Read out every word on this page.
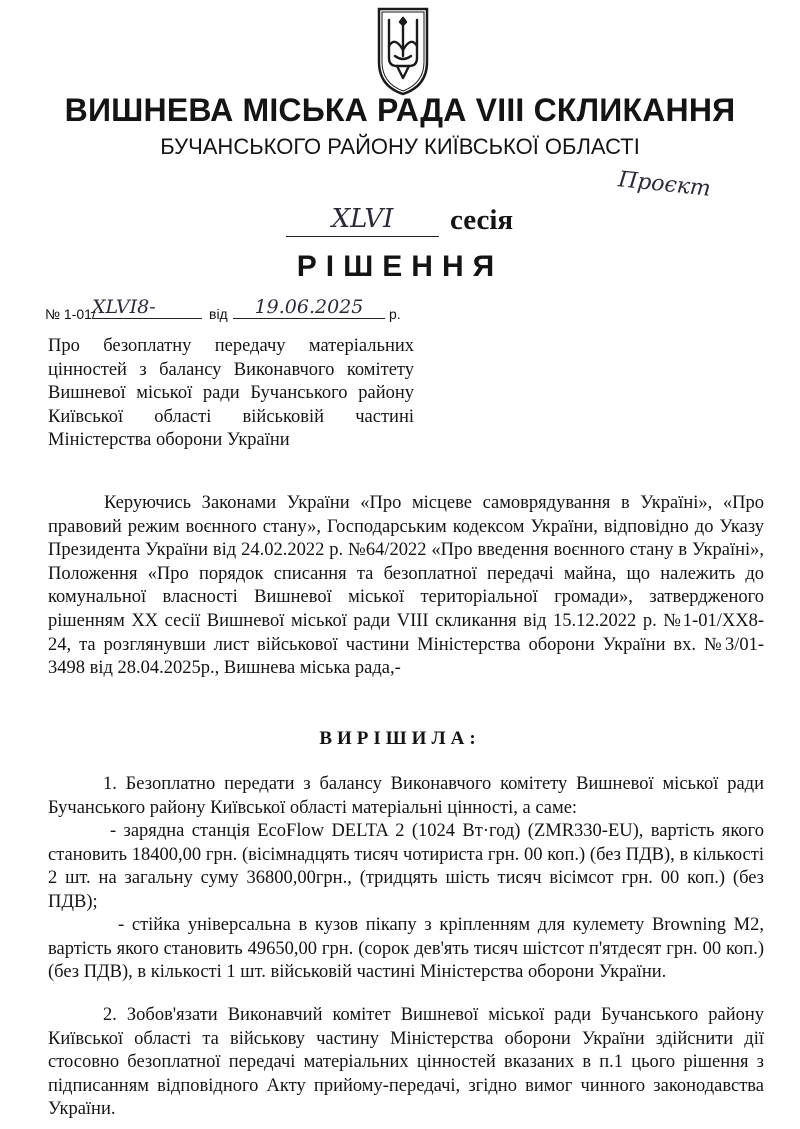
ВИШНЕВА МІСЬКА РАДА VIII СКЛИКАННЯ
БУЧАНСЬКОГО РАЙОНУ КИЇВСЬКОЇ ОБЛАСТІ
Проєкт
XLVI	сесія
РІШЕННЯ
№ 1-01/
XLVI8-	від	19.06.2025	р.
Про безоплатну передачу матеріальних цінностей з балансу Виконавчого комітету Вишневої міської ради Бучанського району Київської області військовій частині Міністерства оборони України
Керуючись Законами України «Про місцеве самоврядування в Україні», «Про правовий режим воєнного стану», Господарським кодексом України, відповідно до Указу Президента України від 24.02.2022 р. №64/2022 «Про введення воєнного стану в Україні», Положення «Про порядок списання та безоплатної передачі майна, що належить до комунальної власності Вишневої міської територіальної громади», затвердженого рішенням XX сесії Вишневої міської ради VIII скликання від 15.12.2022 р. №1-01/XX8-24, та розглянувши лист військової частини Міністерства оборони України вх. №3/01-3498 від 28.04.2025р., Вишнева міська рада,-
ВИРІШИЛА:
1. Безоплатно передати з балансу Виконавчого комітету Вишневої міської ради Бучанського району Київської області матеріальні цінності, а саме:
- зарядна станція EcoFlow DELTA 2 (1024 Вт·год) (ZMR330-EU), вартість якого становить 18400,00 грн. (вісімнадцять тисяч чотириста грн. 00 коп.) (без ПДВ), в кількості 2 шт. на загальну суму 36800,00грн., (тридцять шість тисяч вісімсот грн. 00 коп.) (без ПДВ);
- стійка універсальна в кузов пікапу з кріпленням для кулемету Browning M2, вартість якого становить 49650,00 грн. (сорок дев'ять тисяч шістсот п'ятдесят грн. 00 коп.) (без ПДВ), в кількості 1 шт. військовій частині Міністерства оборони України.
2. Зобов'язати Виконавчий комітет Вишневої міської ради Бучанського району Київської області та військову частину Міністерства оборони України здійснити дії стосовно безоплатної передачі матеріальних цінностей вказаних в п.1 цього рішення з підписанням відповідного Акту прийому-передачі, згідно вимог чинного законодавства України.
